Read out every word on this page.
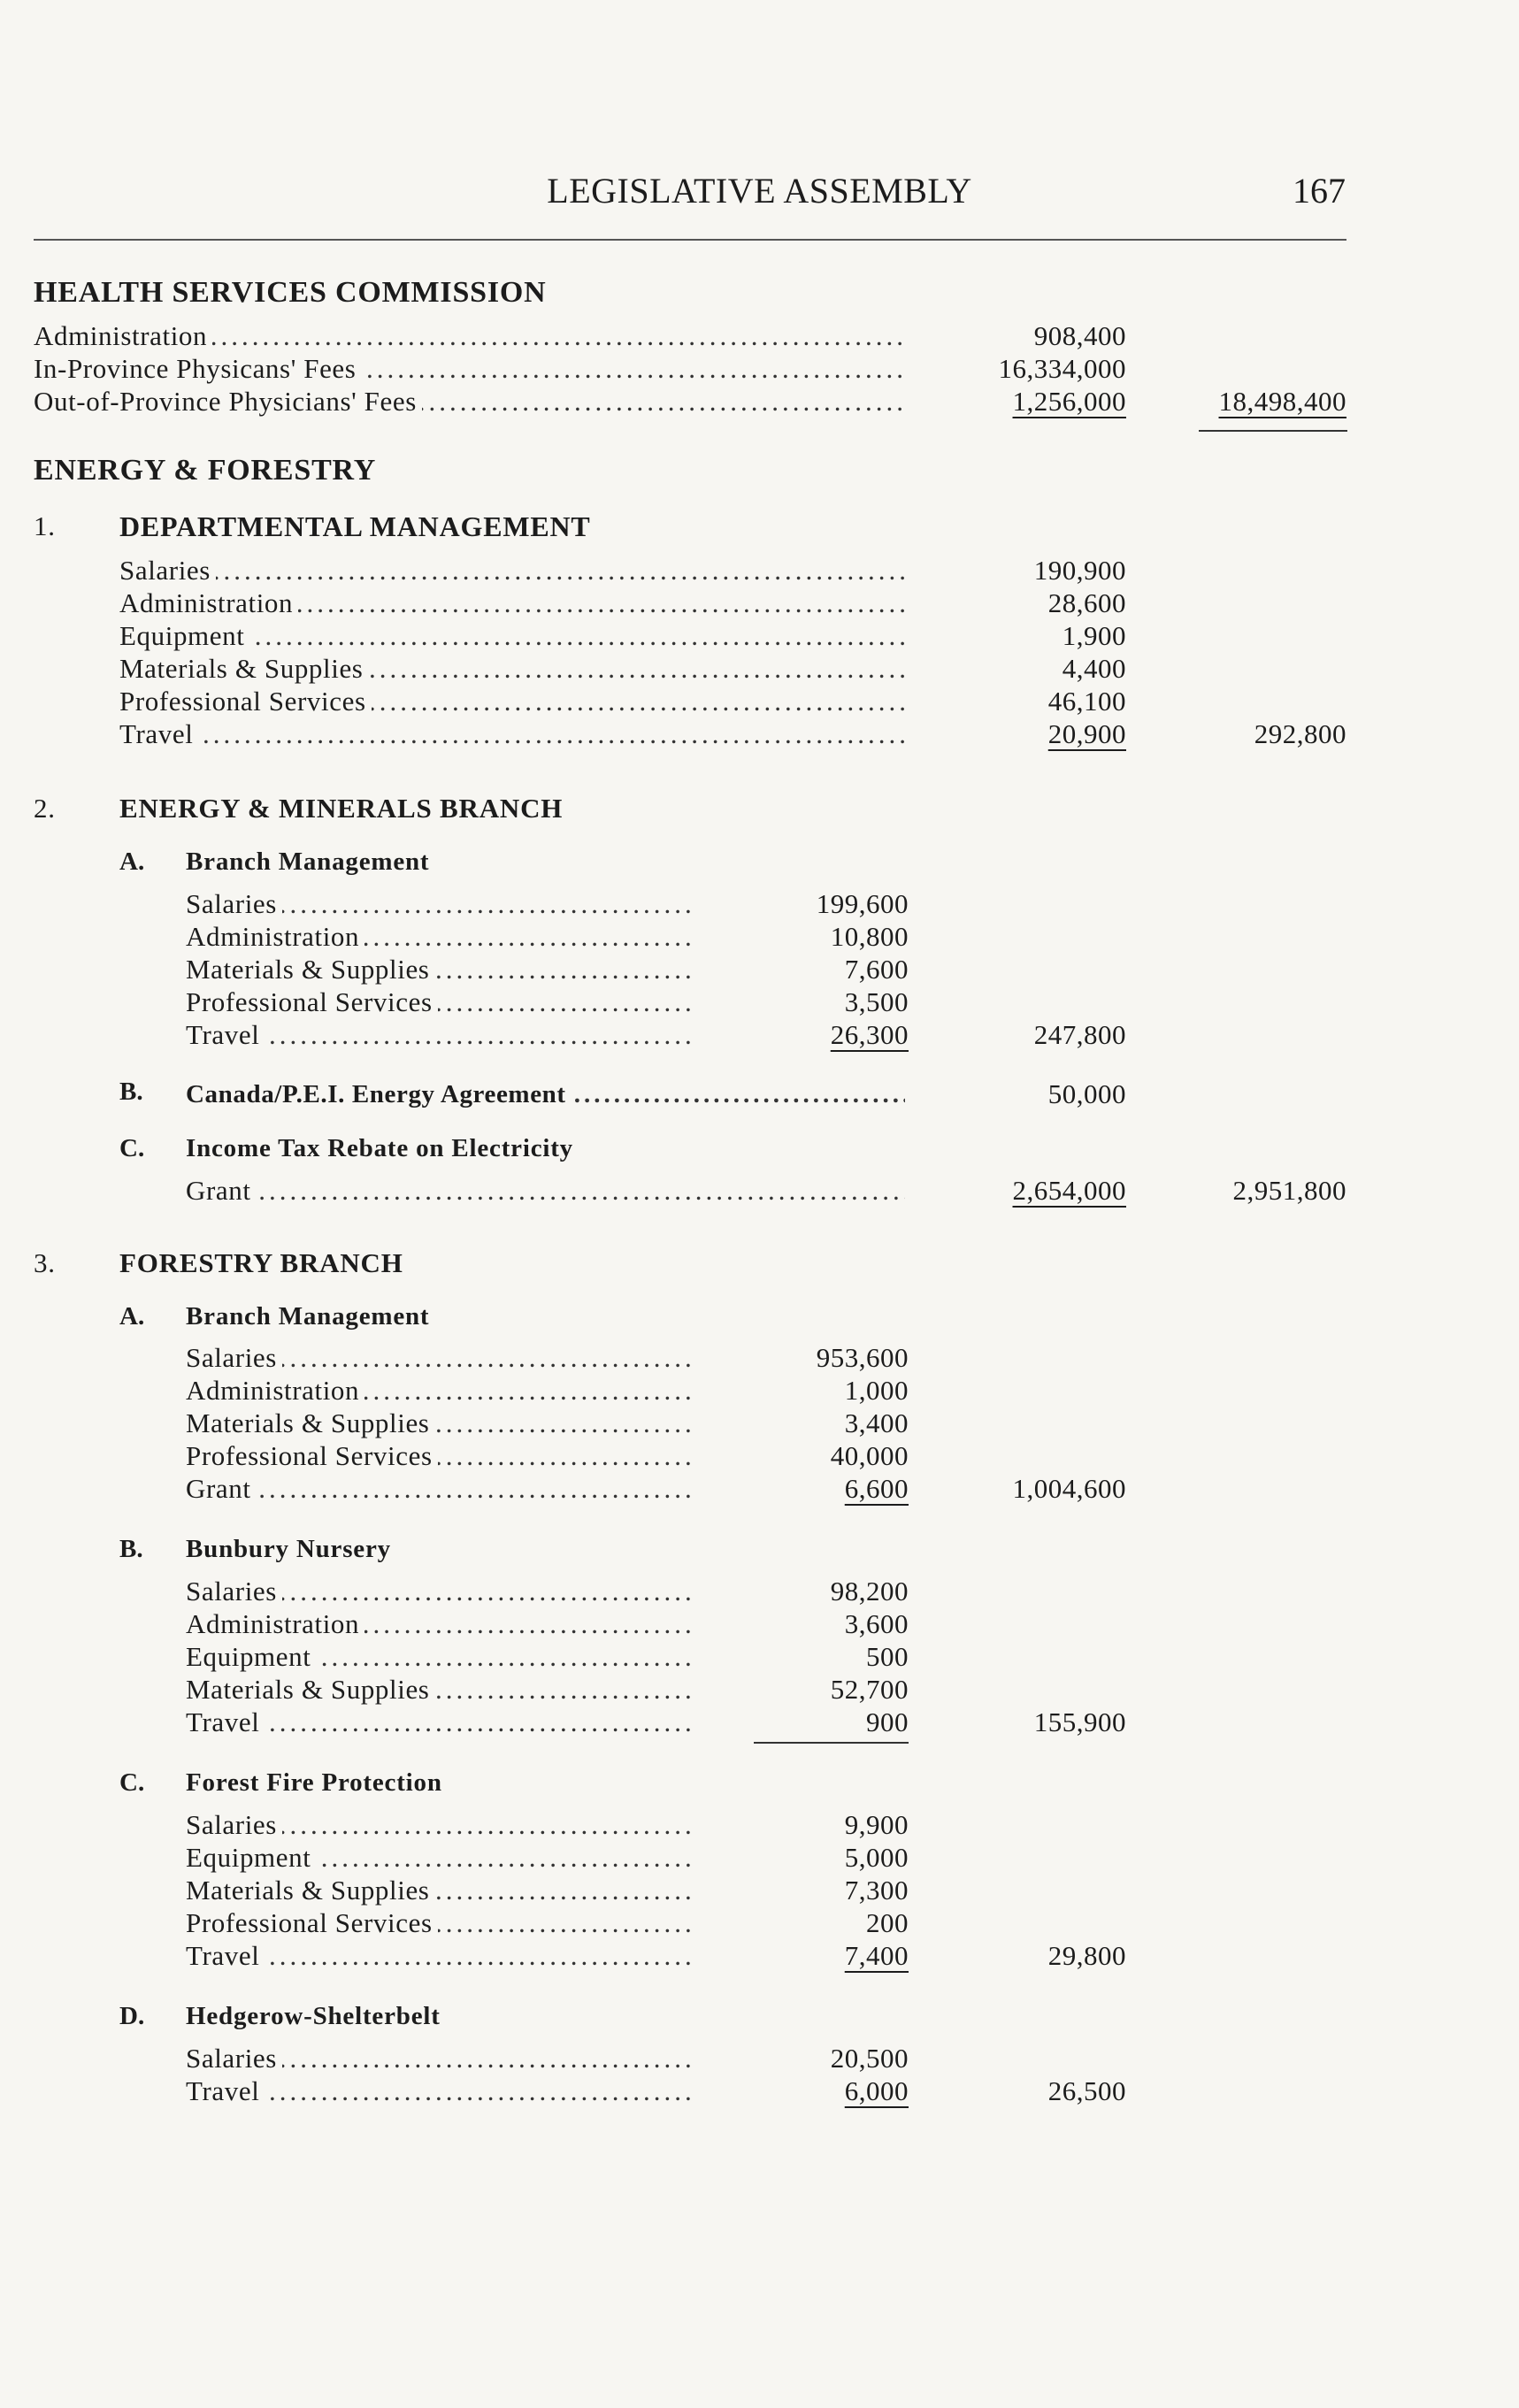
LEGISLATIVE ASSEMBLY	167
HEALTH SERVICES COMMISSION
Administration .....	908,400
In-Province Physicans' Fees .....	16,334,000
Out-of-Province Physicians' Fees .....	1,256,000	18,498,400
ENERGY & FORESTRY
1. DEPARTMENTAL MANAGEMENT
Salaries .....	190,900
Administration .....	28,600
Equipment .....	1,900
Materials & Supplies .....	4,400
Professional Services .....	46,100
Travel .....	20,900	292,800
2. ENERGY & MINERALS BRANCH
A. Branch Management
Salaries .....	199,600
Administration .....	10,800
Materials & Supplies .....	7,600
Professional Services .....	3,500
Travel .....	26,300	247,800
B. Canada/P.E.I. Energy Agreement .....	50,000
C. Income Tax Rebate on Electricity
Grant .....	2,654,000	2,951,800
3. FORESTRY BRANCH
A. Branch Management
Salaries .....	953,600
Administration .....	1,000
Materials & Supplies .....	3,400
Professional Services .....	40,000
Grant .....	6,600	1,004,600
B. Bunbury Nursery
Salaries .....	98,200
Administration .....	3,600
Equipment .....	500
Materials & Supplies .....	52,700
Travel .....	900	155,900
C. Forest Fire Protection
Salaries .....	9,900
Equipment .....	5,000
Materials & Supplies .....	7,300
Professional Services .....	200
Travel .....	7,400	29,800
D. Hedgerow-Shelterbelt
Salaries .....	20,500
Travel .....	6,000	26,500
